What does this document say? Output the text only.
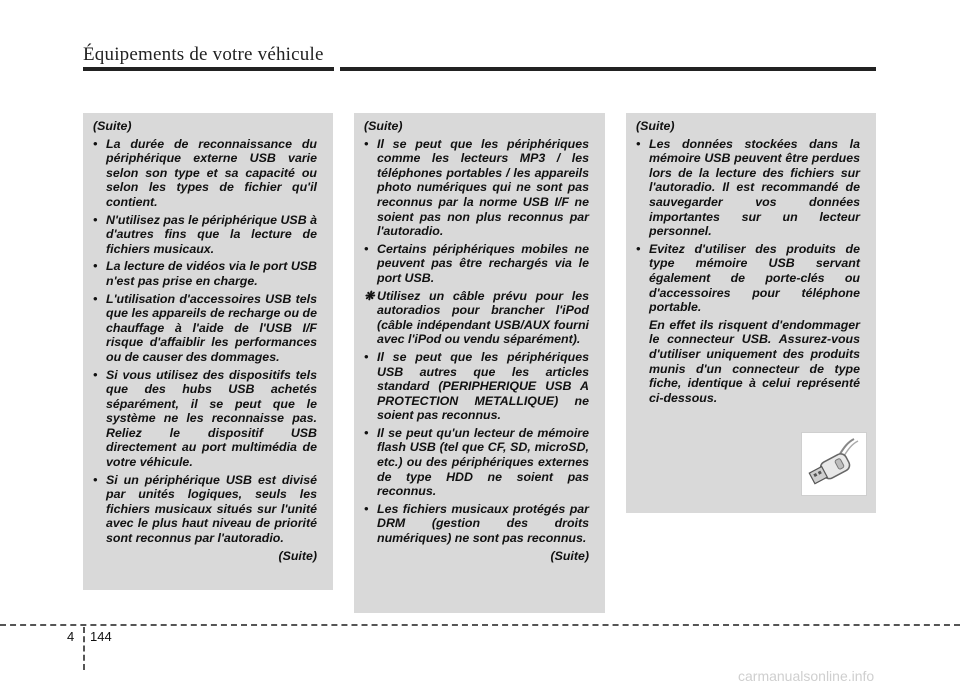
Équipements de votre véhicule
(Suite)
• La durée de reconnaissance du périphérique externe USB varie selon son type et sa capacité ou selon les types de fichier qu'il contient.
• N'utilisez pas le périphérique USB à d'autres fins que la lecture de fichiers musicaux.
• La lecture de vidéos via le port USB n'est pas prise en charge.
• L'utilisation d'accessoires USB tels que les appareils de recharge ou de chauffage à l'aide de l'USB I/F risque d'affaiblir les performances ou de causer des dommages.
• Si vous utilisez des dispositifs tels que des hubs USB achetés séparément, il se peut que le système ne les reconnaisse pas. Reliez le dispositif USB directement au port multimédia de votre véhicule.
• Si un périphérique USB est divisé par unités logiques, seuls les fichiers musicaux situés sur l'unité avec le plus haut niveau de priorité sont reconnus par l'autoradio.
(Suite)
(Suite)
• Il se peut que les périphériques comme les lecteurs MP3 / les téléphones portables / les appareils photo numériques qui ne sont pas reconnus par la norme USB I/F ne soient pas non plus reconnus par l'autoradio.
• Certains périphériques mobiles ne peuvent pas être rechargés via le port USB.
❋ Utilisez un câble prévu pour les autoradios pour brancher l'iPod (câble indépendant USB/AUX fourni avec l'iPod ou vendu séparément).
• Il se peut que les périphériques USB autres que les articles standard (PERIPHERIQUE USB A PROTECTION METALLIQUE) ne soient pas reconnus.
• Il se peut qu'un lecteur de mémoire flash USB (tel que CF, SD, microSD, etc.) ou des périphériques externes de type HDD ne soient pas reconnus.
• Les fichiers musicaux protégés par DRM (gestion des droits numériques) ne sont pas reconnus.
(Suite)
(Suite)
• Les données stockées dans la mémoire USB peuvent être perdues lors de la lecture des fichiers sur l'autoradio. Il est recommandé de sauvegarder vos données importantes sur un lecteur personnel.
• Evitez d'utiliser des produits de type mémoire USB servant également de porte-clés ou d'accessoires pour téléphone portable.
En effet ils risquent d'endommager le connecteur USB. Assurez-vous d'utiliser uniquement des produits munis d'un connecteur de type fiche, identique à celui représenté ci-dessous.
4 144
carmanualsonline.info
